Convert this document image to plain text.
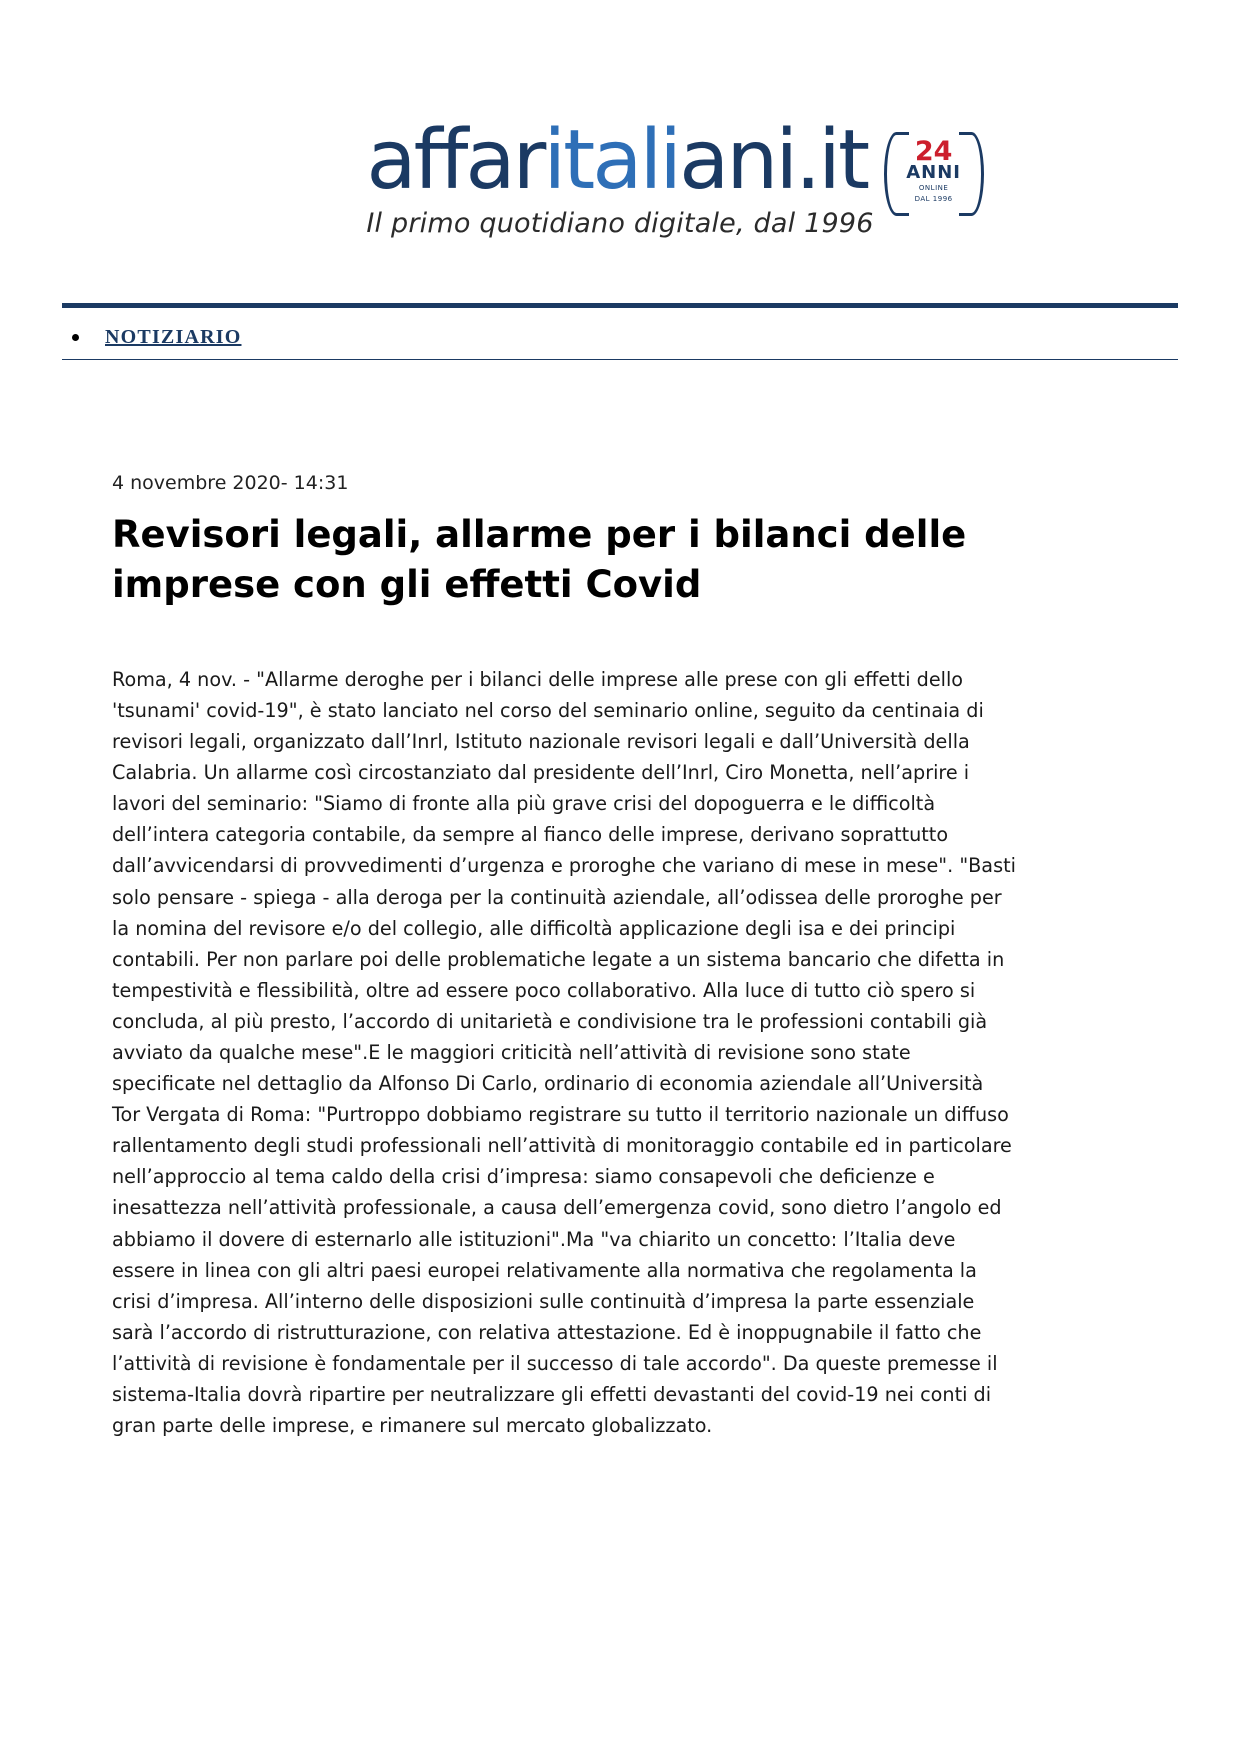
affaritaliani.it
Il primo quotidiano digitale, dal 1996
24
ANNI
ONLINE
DAL 1996
NOTIZIARIO
4 novembre 2020- 14:31
Revisori legali, allarme per i bilanci delle imprese con gli effetti Covid

Roma, 4 nov. - "Allarme deroghe per i bilanci delle imprese alle prese con gli effetti dello 'tsunami' covid-19", è stato lanciato nel corso del seminario online, seguito da centinaia di revisori legali, organizzato dall’Inrl, Istituto nazionale revisori legali e dall’Università della Calabria. Un allarme così circostanziato dal presidente dell’Inrl, Ciro Monetta, nell’aprire i lavori del seminario: "Siamo di fronte alla più grave crisi del dopoguerra e le difficoltà dell’intera categoria contabile, da sempre al fianco delle imprese, derivano soprattutto dall’avvicendarsi di provvedimenti d’urgenza e proroghe che variano di mese in mese". "Basti solo pensare - spiega - alla deroga per la continuità aziendale, all’odissea delle proroghe per la nomina del revisore e/o del collegio, alle difficoltà applicazione degli isa e dei principi contabili. Per non parlare poi delle problematiche legate a un sistema bancario che difetta in tempestività e flessibilità, oltre ad essere poco collaborativo. Alla luce di tutto ciò spero si concluda, al più presto, l’accordo di unitarietà e condivisione tra le professioni contabili già avviato da qualche mese".E le maggiori criticità nell’attività di revisione sono state specificate nel dettaglio da Alfonso Di Carlo, ordinario di economia aziendale all’Università Tor Vergata di Roma: "Purtroppo dobbiamo registrare su tutto il territorio nazionale un diffuso rallentamento degli studi professionali nell’attività di monitoraggio contabile ed in particolare nell’approccio al tema caldo della crisi d’impresa: siamo consapevoli che deficienze e inesattezza nell’attività professionale, a causa dell’emergenza covid, sono dietro l’angolo ed abbiamo il dovere di esternarlo alle istituzioni".Ma "va chiarito un concetto: l’Italia deve essere in linea con gli altri paesi europei relativamente alla normativa che regolamenta la crisi d’impresa. All’interno delle disposizioni sulle continuità d’impresa la parte essenziale sarà l’accordo di ristrutturazione, con relativa attestazione. Ed è inoppugnabile il fatto che l’attività di revisione è fondamentale per il successo di tale accordo". Da queste premesse il sistema-Italia dovrà ripartire per neutralizzare gli effetti devastanti del covid-19 nei conti di gran parte delle imprese, e rimanere sul mercato globalizzato.
